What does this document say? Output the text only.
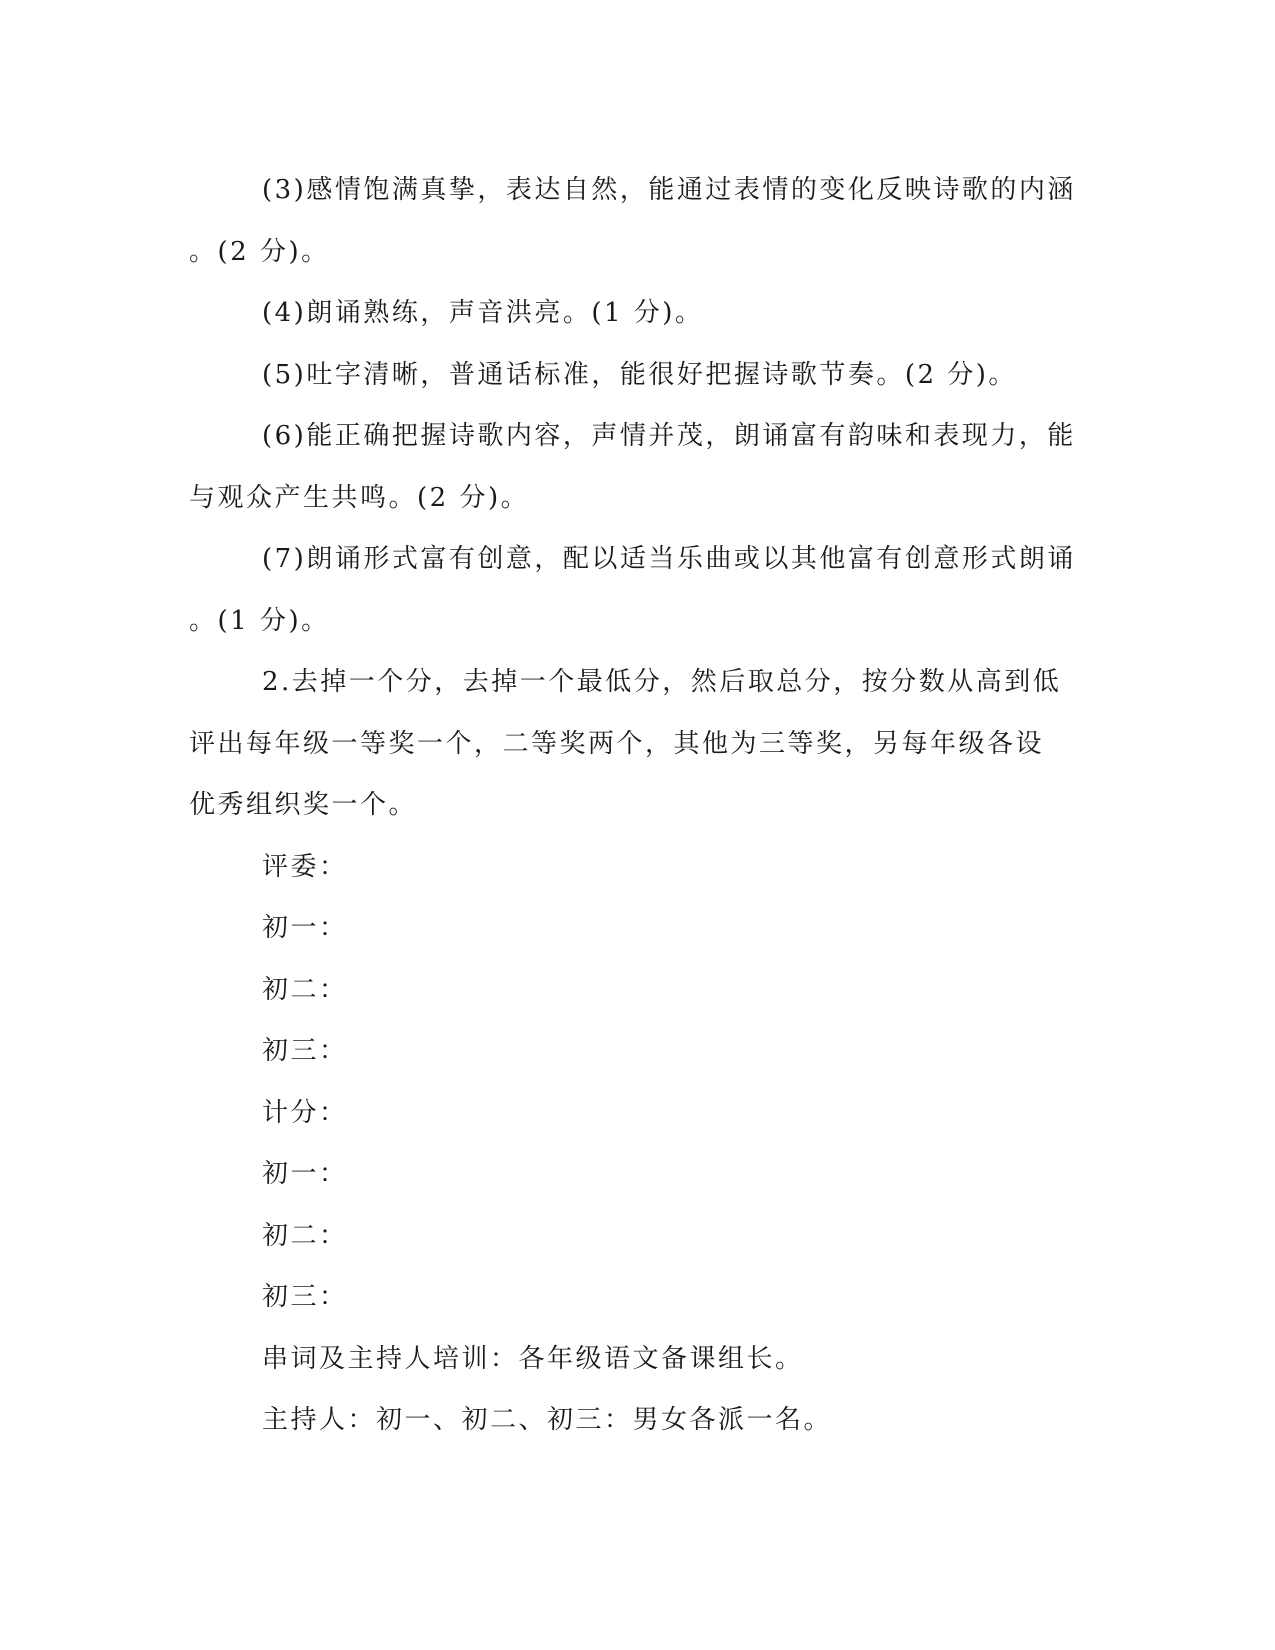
(3)感情饱满真挚，表达自然，能通过表情的变化反映诗歌的内涵
。(2 分)。

(4)朗诵熟练，声音洪亮。(1 分)。

(5)吐字清晰，普通话标准，能很好把握诗歌节奏。(2 分)。

(6)能正确把握诗歌内容，声情并茂，朗诵富有韵味和表现力，能
与观众产生共鸣。(2 分)。

(7)朗诵形式富有创意，配以适当乐曲或以其他富有创意形式朗诵
。(1 分)。

2.去掉一个分，去掉一个最低分，然后取总分，按分数从高到低
评出每年级一等奖一个，二等奖两个，其他为三等奖，另每年级各设
优秀组织奖一个。

评委：

初一：

初二：

初三：

计分：

初一：

初二：

初三：

串词及主持人培训：各年级语文备课组长。

主持人：初一、初二、初三：男女各派一名。
